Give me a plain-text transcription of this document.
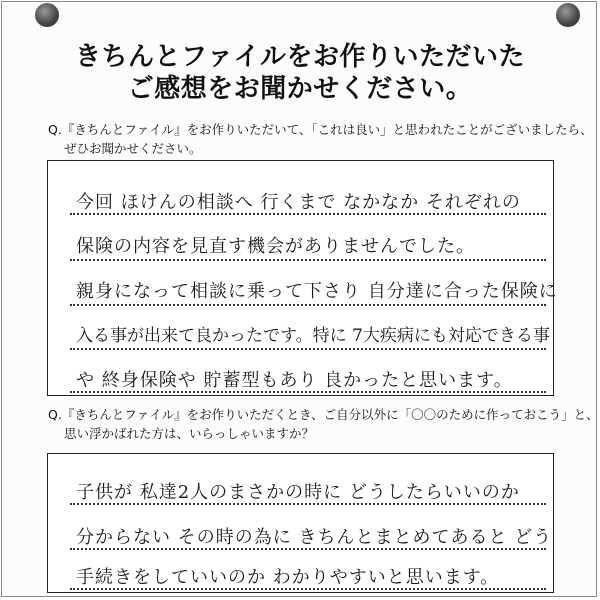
きちんとファイルをお作りいただいた
ご感想をお聞かせください。
Q.『きちんとファイル』をお作りいただいて、「これは良い」と思われたことがございましたら、
ぜひお聞かせください。
今回 ほけんの相談へ 行くまで なかなか それぞれの
保険の内容を見直す機会がありませんでした。
親身になって相談に乗って下さり 自分達に合った保険に
入る事が出来て良かったです。特に 7大疾病にも対応できる事
や 終身保険や 貯蓄型もあり 良かったと思います。
Q.『きちんとファイル』をお作りいただくとき、ご自分以外に「〇〇のために作っておこう」と、
思い浮かばれた方は、いらっしゃいますか？
子供が 私達2人のまさかの時に どうしたらいいのか
分からない その時の為に きちんとまとめてあると どう
手続きをしていいのか わかりやすいと思います。
